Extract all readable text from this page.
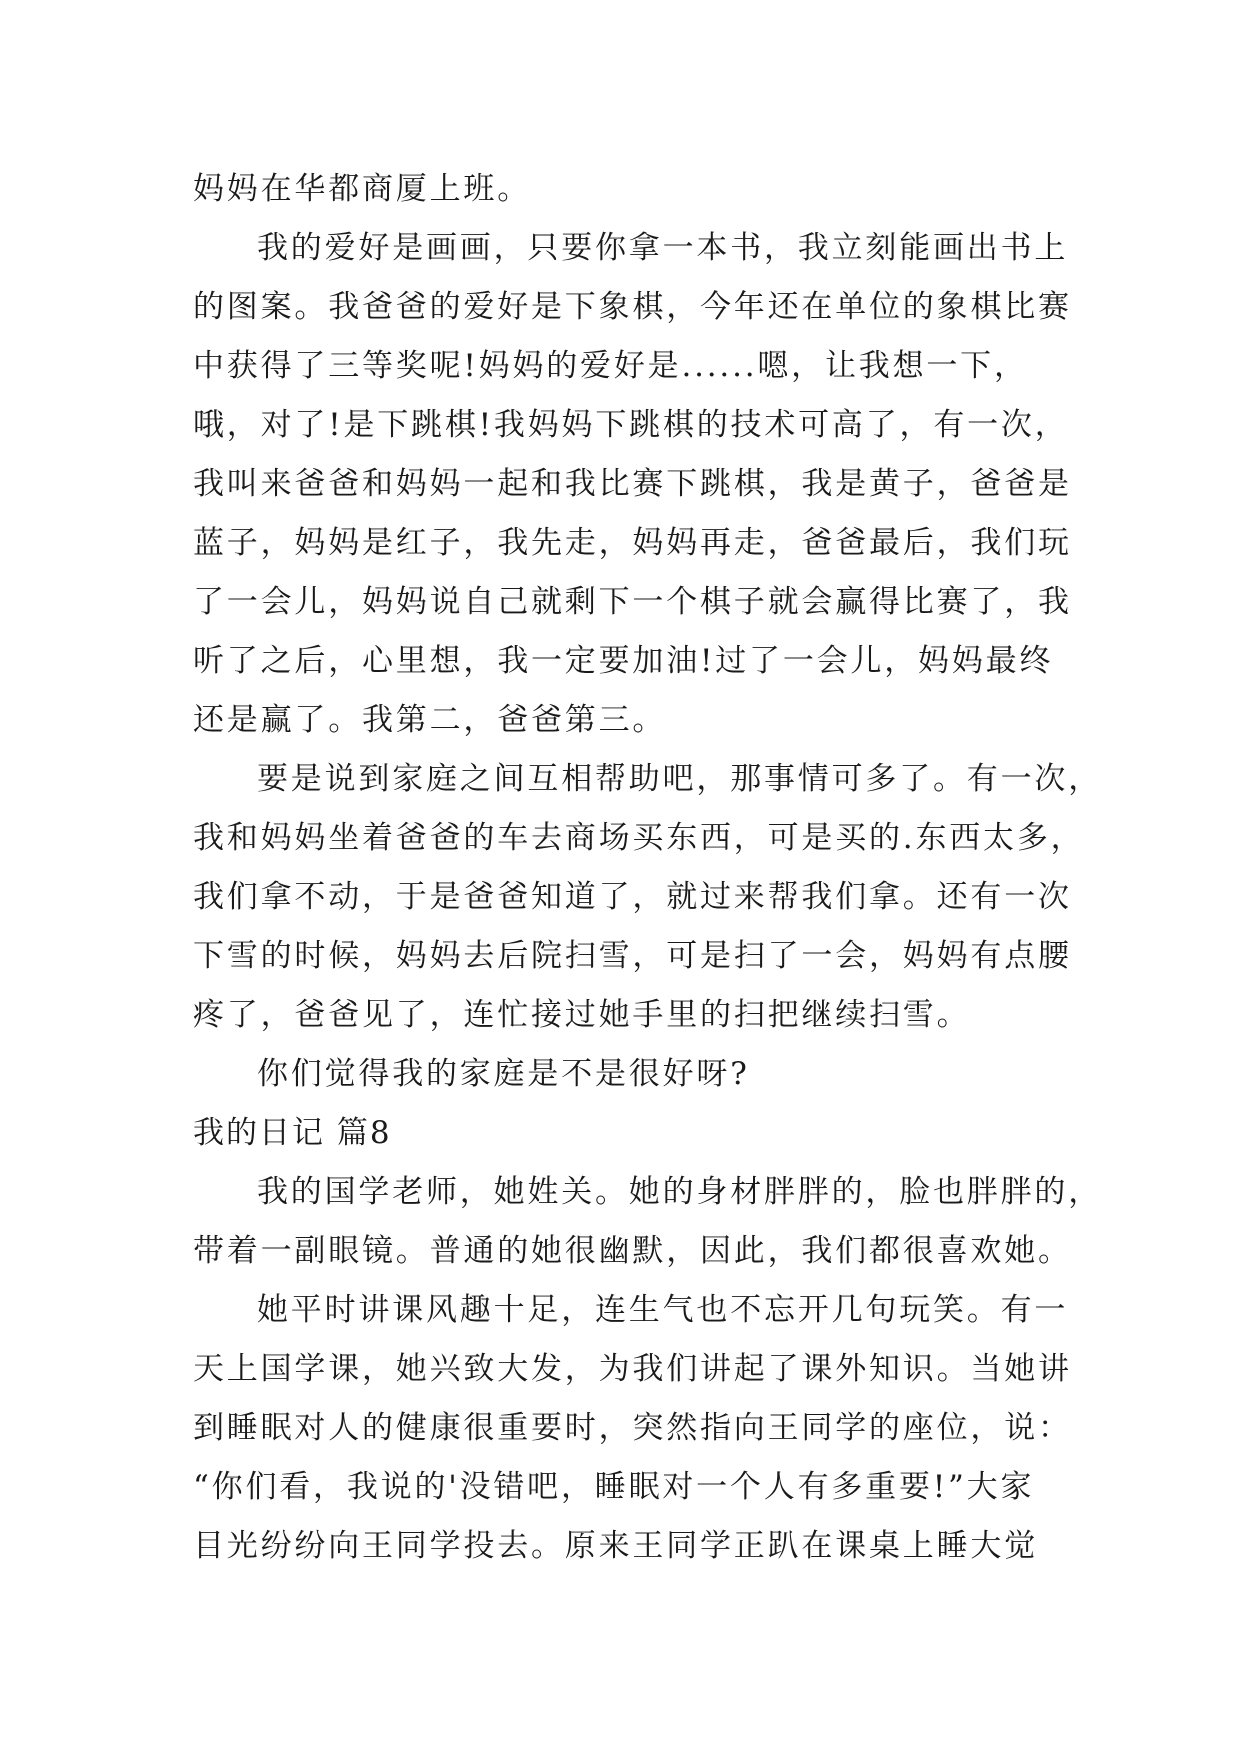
妈妈在华都商厦上班。
我的爱好是画画，只要你拿一本书，我立刻能画出书上
的图案。我爸爸的爱好是下象棋，今年还在单位的象棋比赛
中获得了三等奖呢!妈妈的爱好是......嗯，让我想一下，
哦，对了!是下跳棋!我妈妈下跳棋的技术可高了，有一次，
我叫来爸爸和妈妈一起和我比赛下跳棋，我是黄子，爸爸是
蓝子，妈妈是红子，我先走，妈妈再走，爸爸最后，我们玩
了一会儿，妈妈说自己就剩下一个棋子就会赢得比赛了，我
听了之后，心里想，我一定要加油!过了一会儿，妈妈最终
还是赢了。我第二，爸爸第三。
要是说到家庭之间互相帮助吧，那事情可多了。有一次，
我和妈妈坐着爸爸的车去商场买东西，可是买的.东西太多，
我们拿不动，于是爸爸知道了，就过来帮我们拿。还有一次
下雪的时候，妈妈去后院扫雪，可是扫了一会，妈妈有点腰
疼了，爸爸见了，连忙接过她手里的扫把继续扫雪。
你们觉得我的家庭是不是很好呀?
我的日记 篇8
我的国学老师，她姓关。她的身材胖胖的，脸也胖胖的，
带着一副眼镜。普通的她很幽默，因此，我们都很喜欢她。
她平时讲课风趣十足，连生气也不忘开几句玩笑。有一
天上国学课，她兴致大发，为我们讲起了课外知识。当她讲
到睡眠对人的健康很重要时，突然指向王同学的座位，说：
“你们看，我说的'没错吧，睡眠对一个人有多重要!”大家
目光纷纷向王同学投去。原来王同学正趴在课桌上睡大觉
